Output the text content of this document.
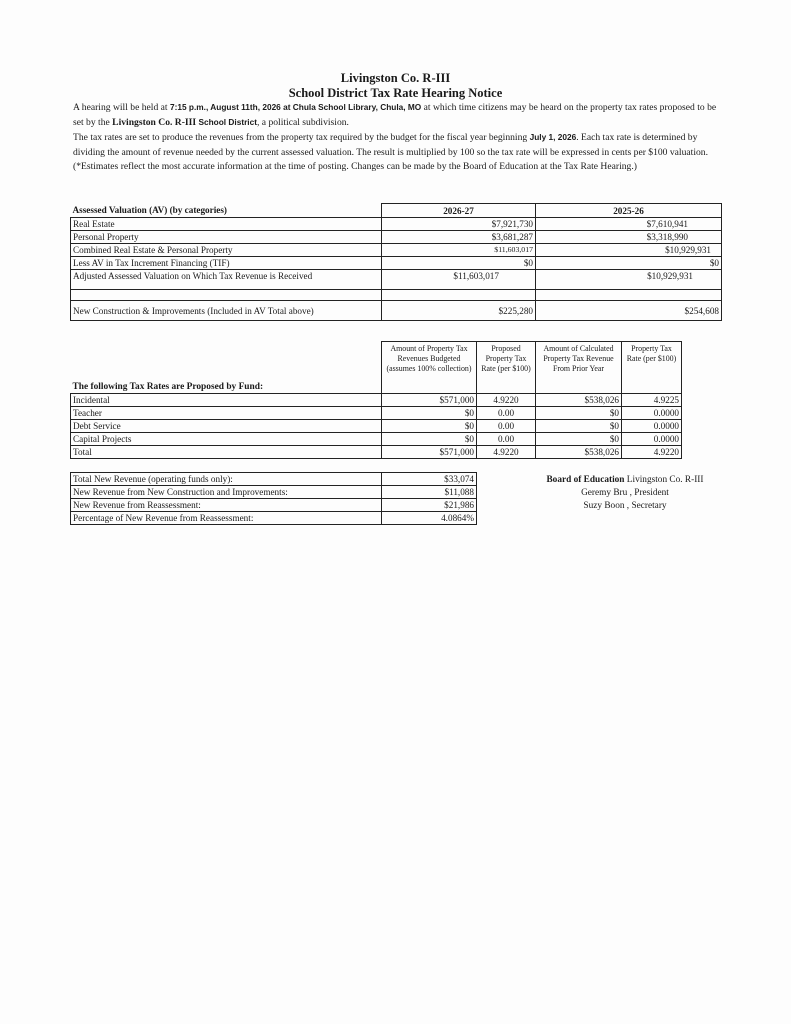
Livingston Co. R-III
School District Tax Rate Hearing Notice

A hearing will be held at 7:15 p.m., August 11th, 2026 at Chula School Library, Chula, MO at which time citizens may be heard on the property tax rates proposed to be set by the Livingston Co. R-III School District, a political subdivision.

The tax rates are set to produce the revenues from the property tax required by the budget for the fiscal year beginning July 1, 2026. Each tax rate is determined by dividing the amount of revenue needed by the current assessed valuation. The result is multiplied by 100 so the tax rate will be expressed in cents per $100 valuation. (*Estimates reflect the most accurate information at the time of posting. Changes can be made by the Board of Education at the Tax Rate Hearing.)

Assessed Valuation (AV) (by categories)	2026-27	2025-26
Real Estate	$7,921,730	$7,610,941

Personal Property	$3,681,287	$3,318,990

Combined Real Estate & Personal Property	$11,603,017	$10,929,931

Less AV in Tax Increment Financing (TIF)	$0	$0
Adjusted Assessed Valuation on Which Tax Revenue is Received	$11,603,017	$10,929,931

New Construction & Improvements (Included in AV Total above)	$225,280	$254,608
The following Tax Rates are Proposed by Fund:	Amount of Property Tax Revenues Budgeted (assumes 100% collection)	Proposed Property Tax Rate (per $100)	Amount of Calculated Property Tax Revenue From Prior Year	Property Tax Rate (per $100)
Incidental	$571,000	4.9220	$538,026	4.9225
Teacher	$0	0.00	$0	0.0000
Debt Service	$0	0.00	$0	0.0000
Capital Projects	$0	0.00	$0	0.0000
Total	$571,000	4.9220	$538,026	4.9220
Total New Revenue (operating funds only):	$33,074
New Revenue from New Construction and Improvements:	$11,088
New Revenue from Reassessment:	$21,986
Percentage of New Revenue from Reassessment:	4.0864%
Board of Education Livingston Co. R-III
Geremy Bru , President
Suzy Boon , Secretary
